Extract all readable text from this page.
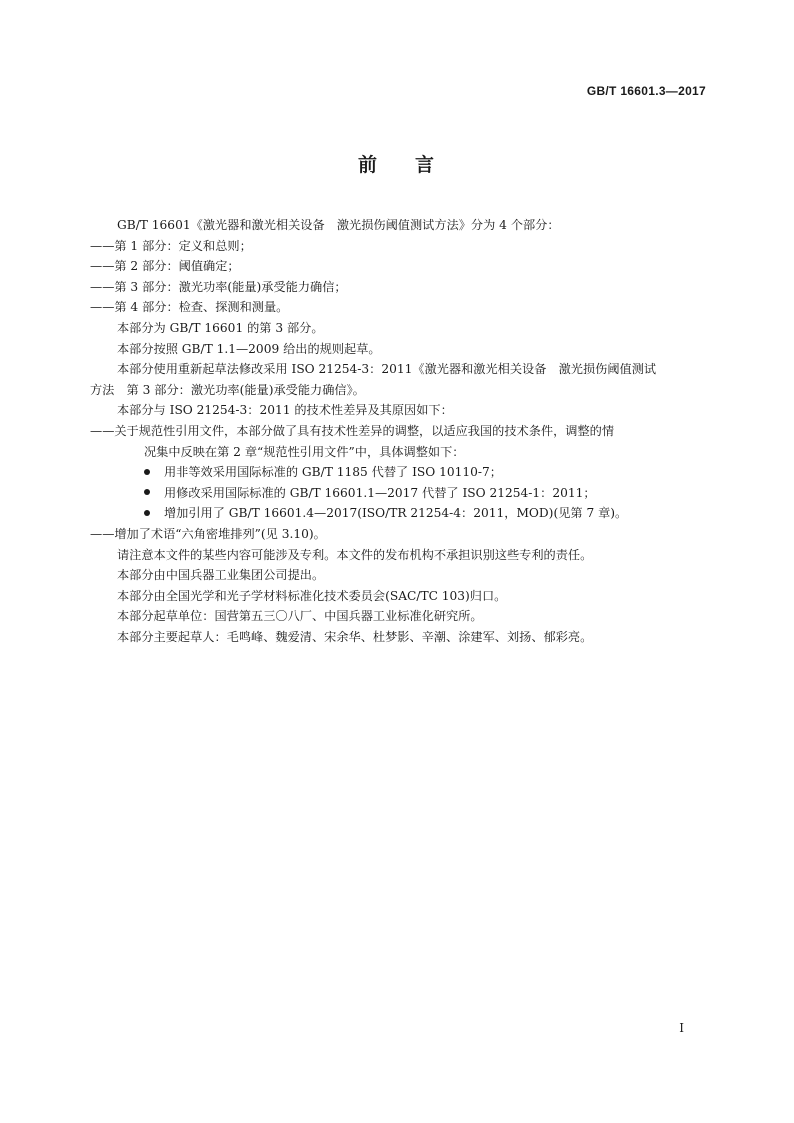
GB/T 16601.3—2017
前 言
GB/T 16601《激光器和激光相关设备　激光损伤阈值测试方法》分为 4 个部分：
——第 1 部分：定义和总则；
——第 2 部分：阈值确定；
——第 3 部分：激光功率(能量)承受能力确信；
——第 4 部分：检查、探测和测量。
本部分为 GB/T 16601 的第 3 部分。
本部分按照 GB/T 1.1—2009 给出的规则起草。
本部分使用重新起草法修改采用 ISO 21254-3：2011《激光器和激光相关设备　激光损伤阈值测试
方法　第 3 部分：激光功率(能量)承受能力确信》。
本部分与 ISO 21254-3：2011 的技术性差异及其原因如下：
——关于规范性引用文件，本部分做了具有技术性差异的调整，以适应我国的技术条件，调整的情
况集中反映在第 2 章“规范性引用文件”中，具体调整如下：
用非等效采用国际标准的 GB/T 1185 代替了 ISO 10110-7；
用修改采用国际标准的 GB/T 16601.1—2017 代替了 ISO 21254-1：2011；
增加引用了 GB/T 16601.4—2017(ISO/TR 21254-4：2011，MOD)(见第 7 章)。
——增加了术语“六角密堆排列”(见 3.10)。
请注意本文件的某些内容可能涉及专利。本文件的发布机构不承担识别这些专利的责任。
本部分由中国兵器工业集团公司提出。
本部分由全国光学和光子学材料标准化技术委员会(SAC/TC 103)归口。
本部分起草单位：国营第五三〇八厂、中国兵器工业标准化研究所。
本部分主要起草人：毛鸣峰、魏爱清、宋余华、杜梦影、辛潮、涂建军、刘扬、郁彩亮。
I
